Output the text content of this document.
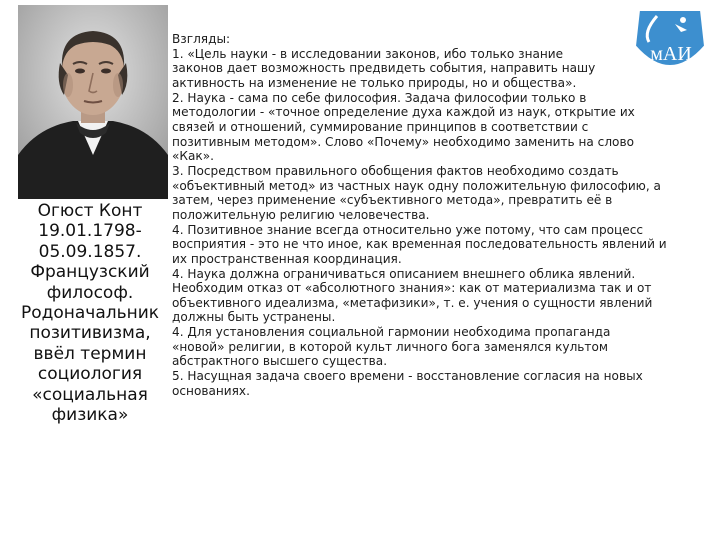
Огюст Конт
19.01.1798-
05.09.1857.
Французский
философ.
Родоначальник
позитивизма,
ввёл термин
социология
«социальная
физика»
Взгляды:
1. «Цель науки - в исследовании законов, ибо только знание
законов дает возможность предвидеть события, направить нашу
активность на изменение не только природы, но и общества».
2. Наука - сама по себе философия. Задача философии только в
методологии - «точное определение духа каждой из наук, открытие их
связей и отношений, суммирование принципов в соответствии с
позитивным методом». Слово «Почему» необходимо заменить на слово
«Как».
3. Посредством правильного обобщения фактов необходимо создать
«объективный метод» из частных наук одну положительную философию, а
затем, через применение «субъективного метода», превратить её в
положительную религию человечества.
4. Позитивное знание всегда относительно уже потому, что сам процесс
восприятия - это не что иное, как временная последовательность явлений и
их пространственная координация.
4. Наука должна ограничиваться описанием внешнего облика явлений.
Необходим отказ от «абсолютного знания»: как от материализма так и от
объективного идеализма, «метафизики», т. е. учения о сущности явлений
должны быть устранены.
4. Для установления социальной гармонии необходима пропаганда
«новой» религии, в которой культ личного бога заменялся культом
абстрактного высшего существа.
5. Насущная задача своего времени - восстановление согласия на новых
основаниях.
мАИ
